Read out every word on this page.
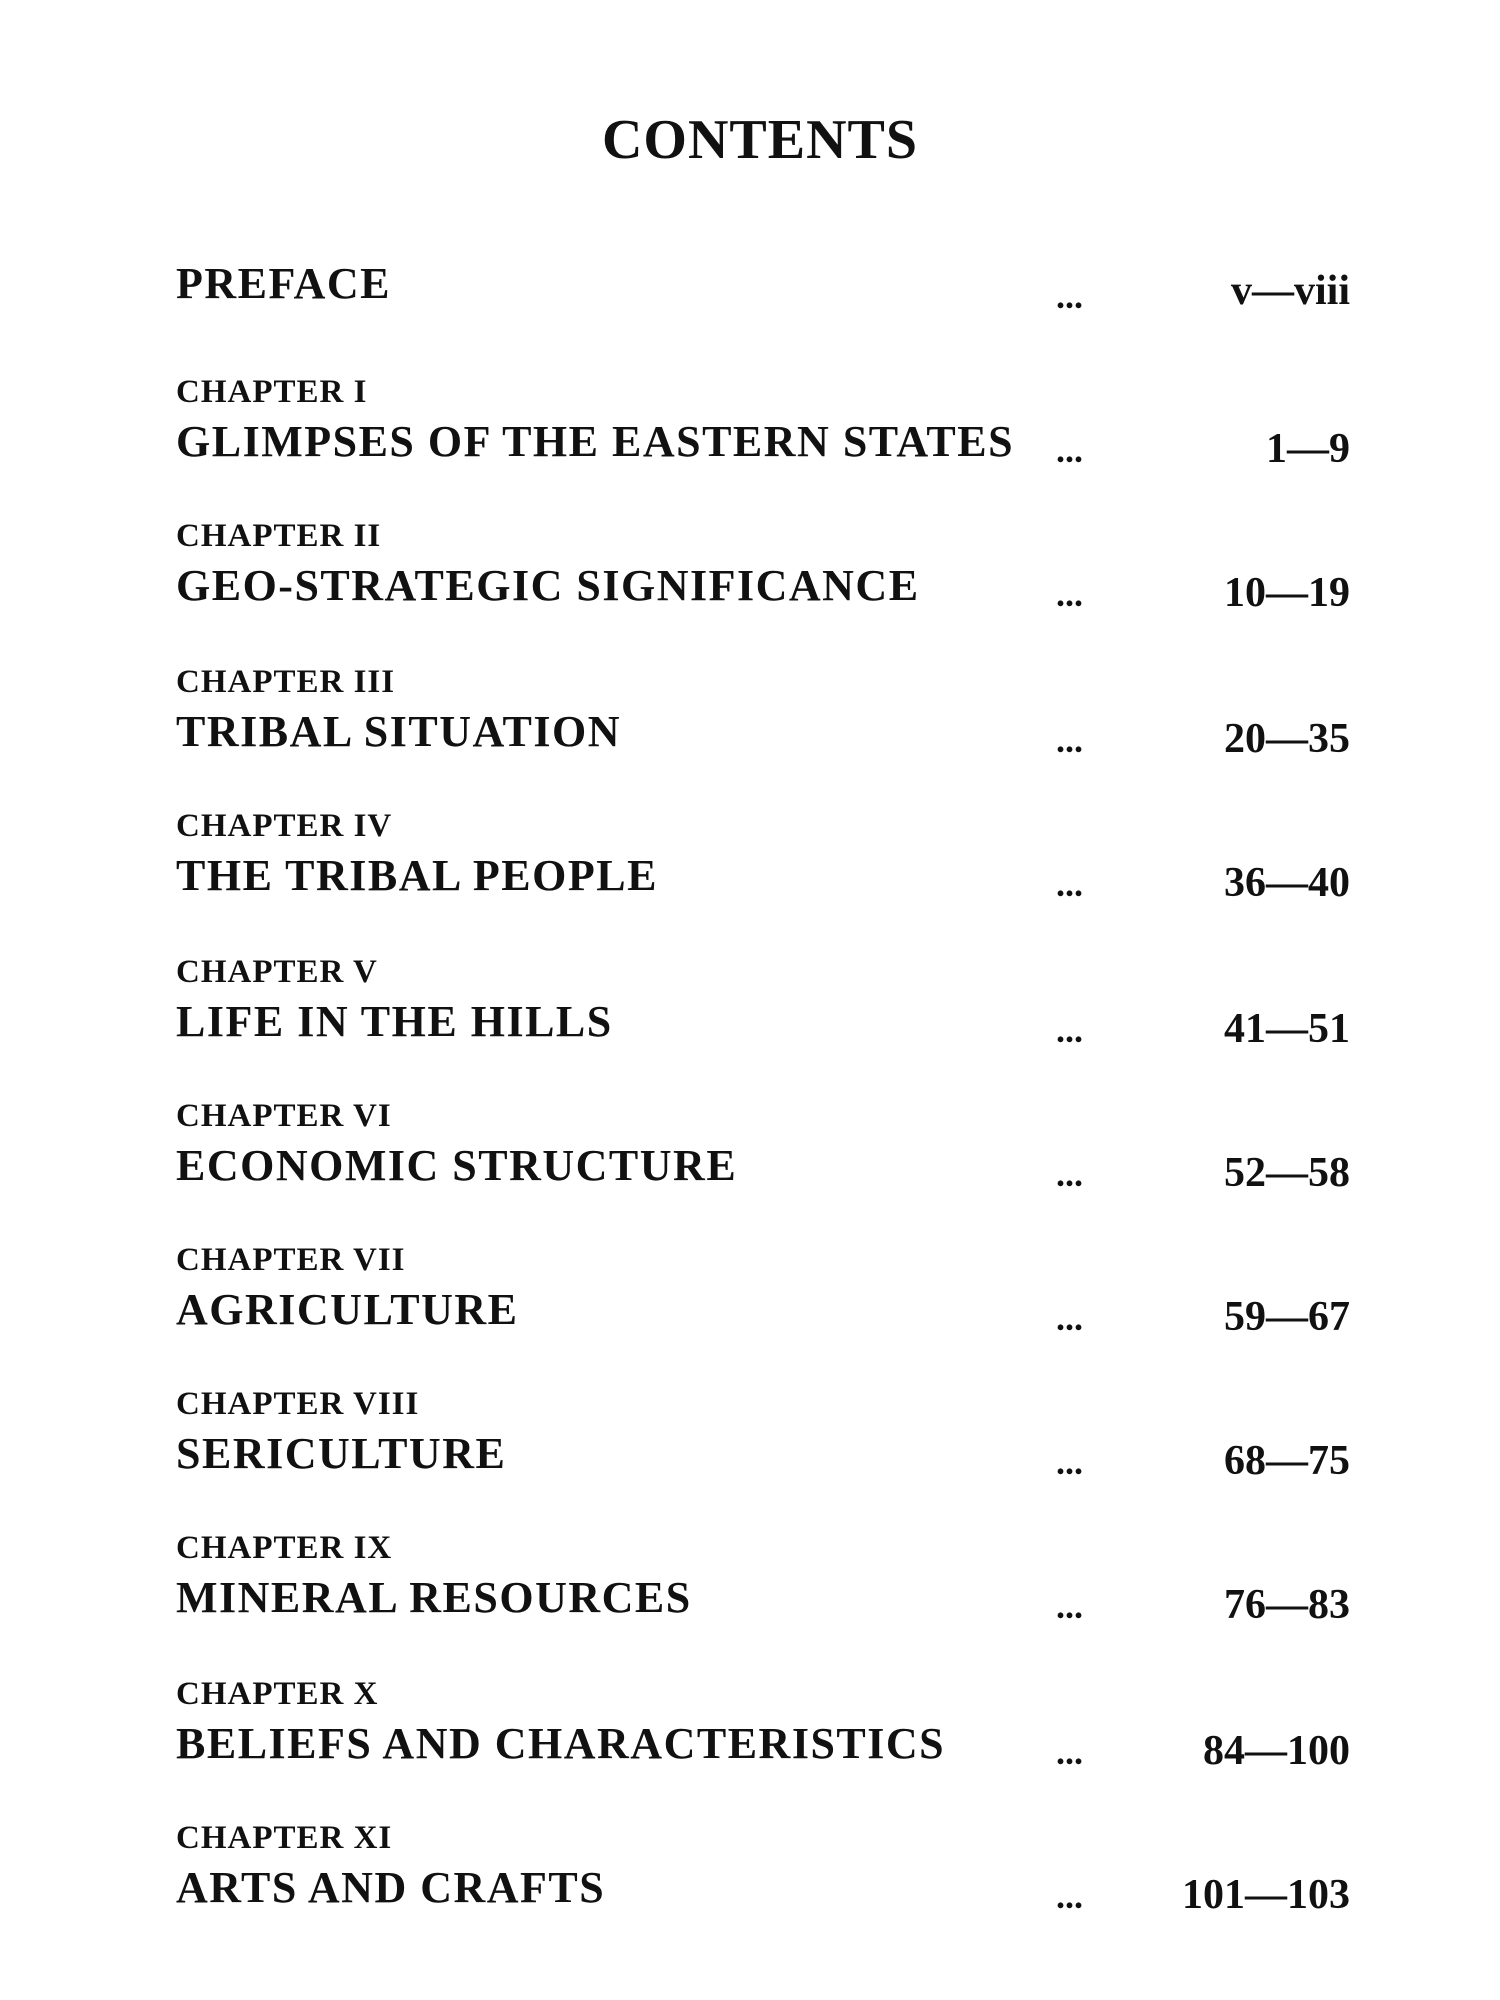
CONTENTS
PREFACE	...	v—viii
CHAPTER I
GLIMPSES OF THE EASTERN STATES ...	1—9
CHAPTER II
GEO-STRATEGIC SIGNIFICANCE	...	10—19
CHAPTER III
TRIBAL SITUATION	...	20—35
CHAPTER IV
THE TRIBAL PEOPLE	...	36—40
CHAPTER V
LIFE IN THE HILLS	...	41—51
CHAPTER VI
ECONOMIC STRUCTURE	...	52—58
CHAPTER VII
AGRICULTURE	...	59—67
CHAPTER VIII
SERICULTURE	...	68—75
CHAPTER IX
MINERAL RESOURCES	...	76—83
CHAPTER X
BELIEFS AND CHARACTERISTICS	...	84—100
CHAPTER XI
ARTS AND CRAFTS	... 101—103
